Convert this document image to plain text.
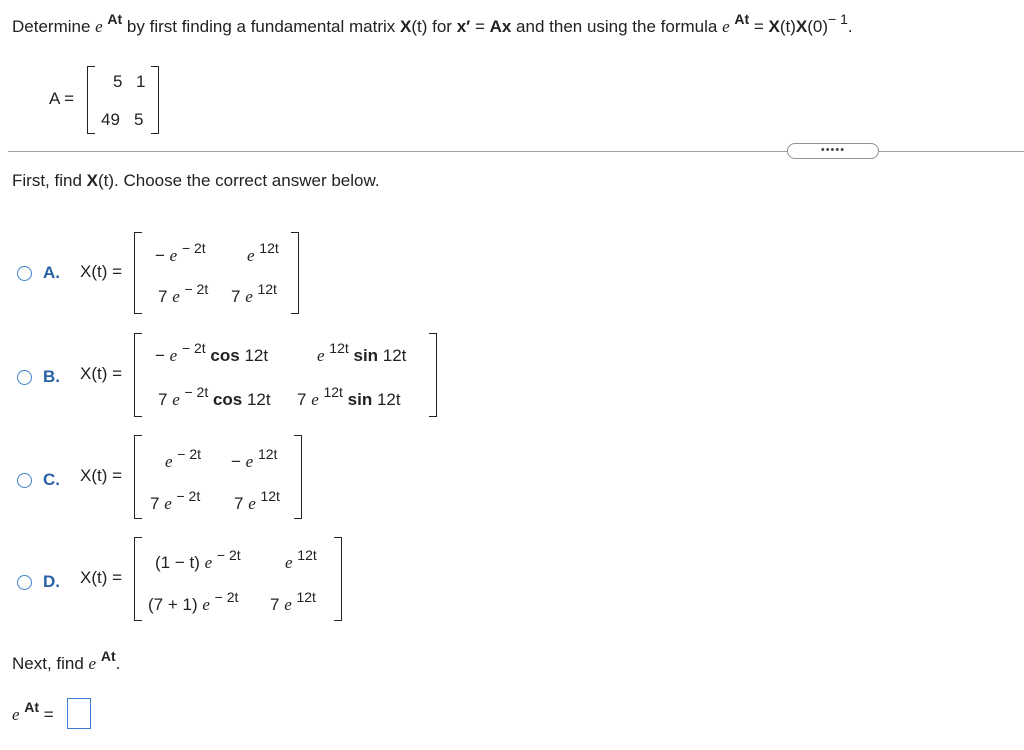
Determine e $^{At}$ by first finding a fundamental matrix X(t) for x′ = Ax and then using the formula e $^{At} = X(t)X(0)^{- 1}$.
A =
5 1
49 5
•••••
First, find X(t). Choose the correct answer below.
A. X(t) =
− e $^{- 2t}$ e $^{12t}$
7 e $^{- 2t}$ 7 e $^{12t}$
B. X(t) =
− e $^{- 2t}$ cos 12t	e $^{12t}$ sin 12t
7 e $^{- 2t}$ cos 12t 7 e $^{12t}$ sin 12t
C. X(t) =
e $^{- 2t}$ − e $^{12t}$
7 e $^{- 2t}$ 7 e $^{12t}$
D. X(t) =
(1 − t) e $^{- 2t}$	e $^{12t}$
(7 + 1) e $^{- 2t}$ 7 e $^{12t}$
Next, find e $^{At}$.
e $^{At}$ =
